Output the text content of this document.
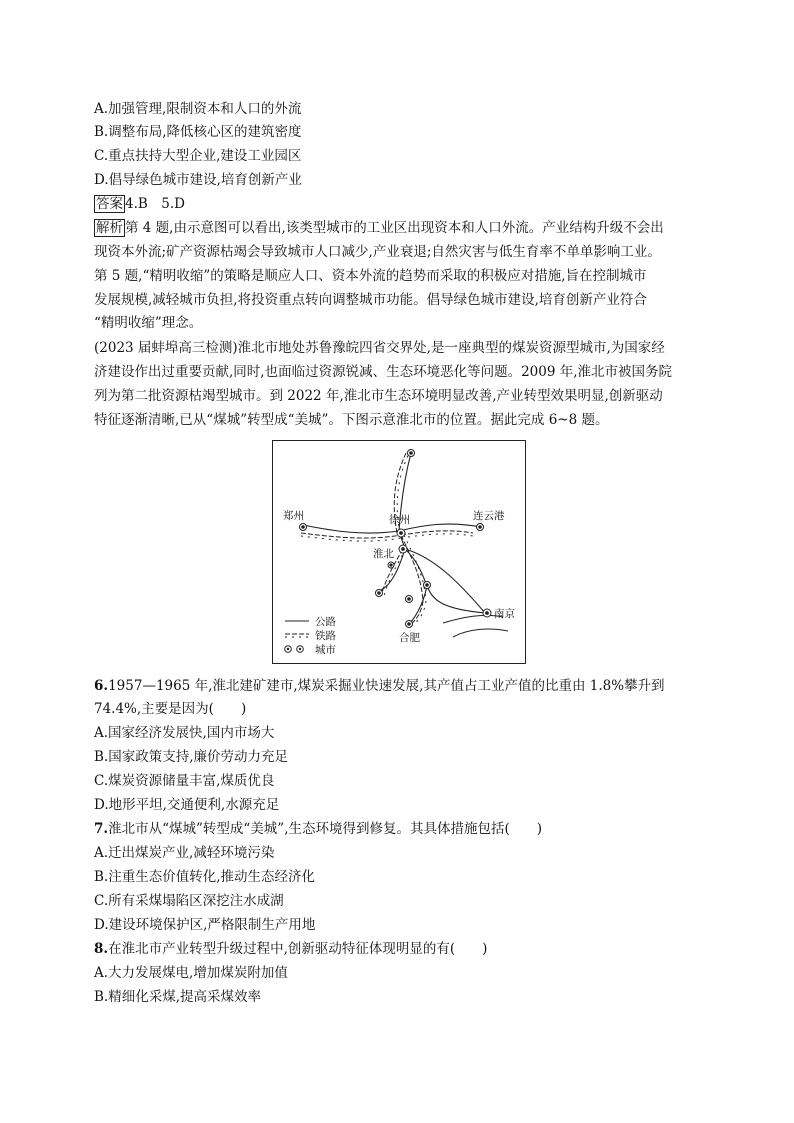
A.加强管理,限制资本和人口的外流
B.调整布局,降低核心区的建筑密度
C.重点扶持大型企业,建设工业园区
D.倡导绿色城市建设,培育创新产业
答案 4.B　5.D
解析 第 4 题,由示意图可以看出,该类型城市的工业区出现资本和人口外流。产业结构升级不会出
现资本外流;矿产资源枯竭会导致城市人口减少,产业衰退;自然灾害与低生育率不单单影响工业。
第 5 题,“精明收缩”的策略是顺应人口、资本外流的趋势而采取的积极应对措施,旨在控制城市
发展规模,减轻城市负担,将投资重点转向调整城市功能。倡导绿色城市建设,培育创新产业符合
“精明收缩”理念。
(2023 届蚌埠高三检测)淮北市地处苏鲁豫皖四省交界处,是一座典型的煤炭资源型城市,为国家经
济建设作出过重要贡献,同时,也面临过资源锐减、生态环境恶化等问题。2009 年,淮北市被国务院
列为第二批资源枯竭型城市。到 2022 年,淮北市生态环境明显改善,产业转型效果明显,创新驱动
特征逐渐清晰,已从“煤城”转型成“美城”。下图示意淮北市的位置。据此完成 6~8 题。
郑州	徐州	连云港
淮北
南京
合肥
公路
铁路
城市
6.1957—1965 年,淮北建矿建市,煤炭采掘业快速发展,其产值占工业产值的比重由 1.8%攀升到
74.4%,主要是因为(　　)
A.国家经济发展快,国内市场大
B.国家政策支持,廉价劳动力充足
C.煤炭资源储量丰富,煤质优良
D.地形平坦,交通便利,水源充足
7.淮北市从“煤城”转型成“美城”,生态环境得到修复。其具体措施包括(　　)
A.迁出煤炭产业,减轻环境污染
B.注重生态价值转化,推动生态经济化
C.所有采煤塌陷区深挖注水成湖
D.建设环境保护区,严格限制生产用地
8.在淮北市产业转型升级过程中,创新驱动特征体现明显的有(　　)
A.大力发展煤电,增加煤炭附加值
B.精细化采煤,提高采煤效率
